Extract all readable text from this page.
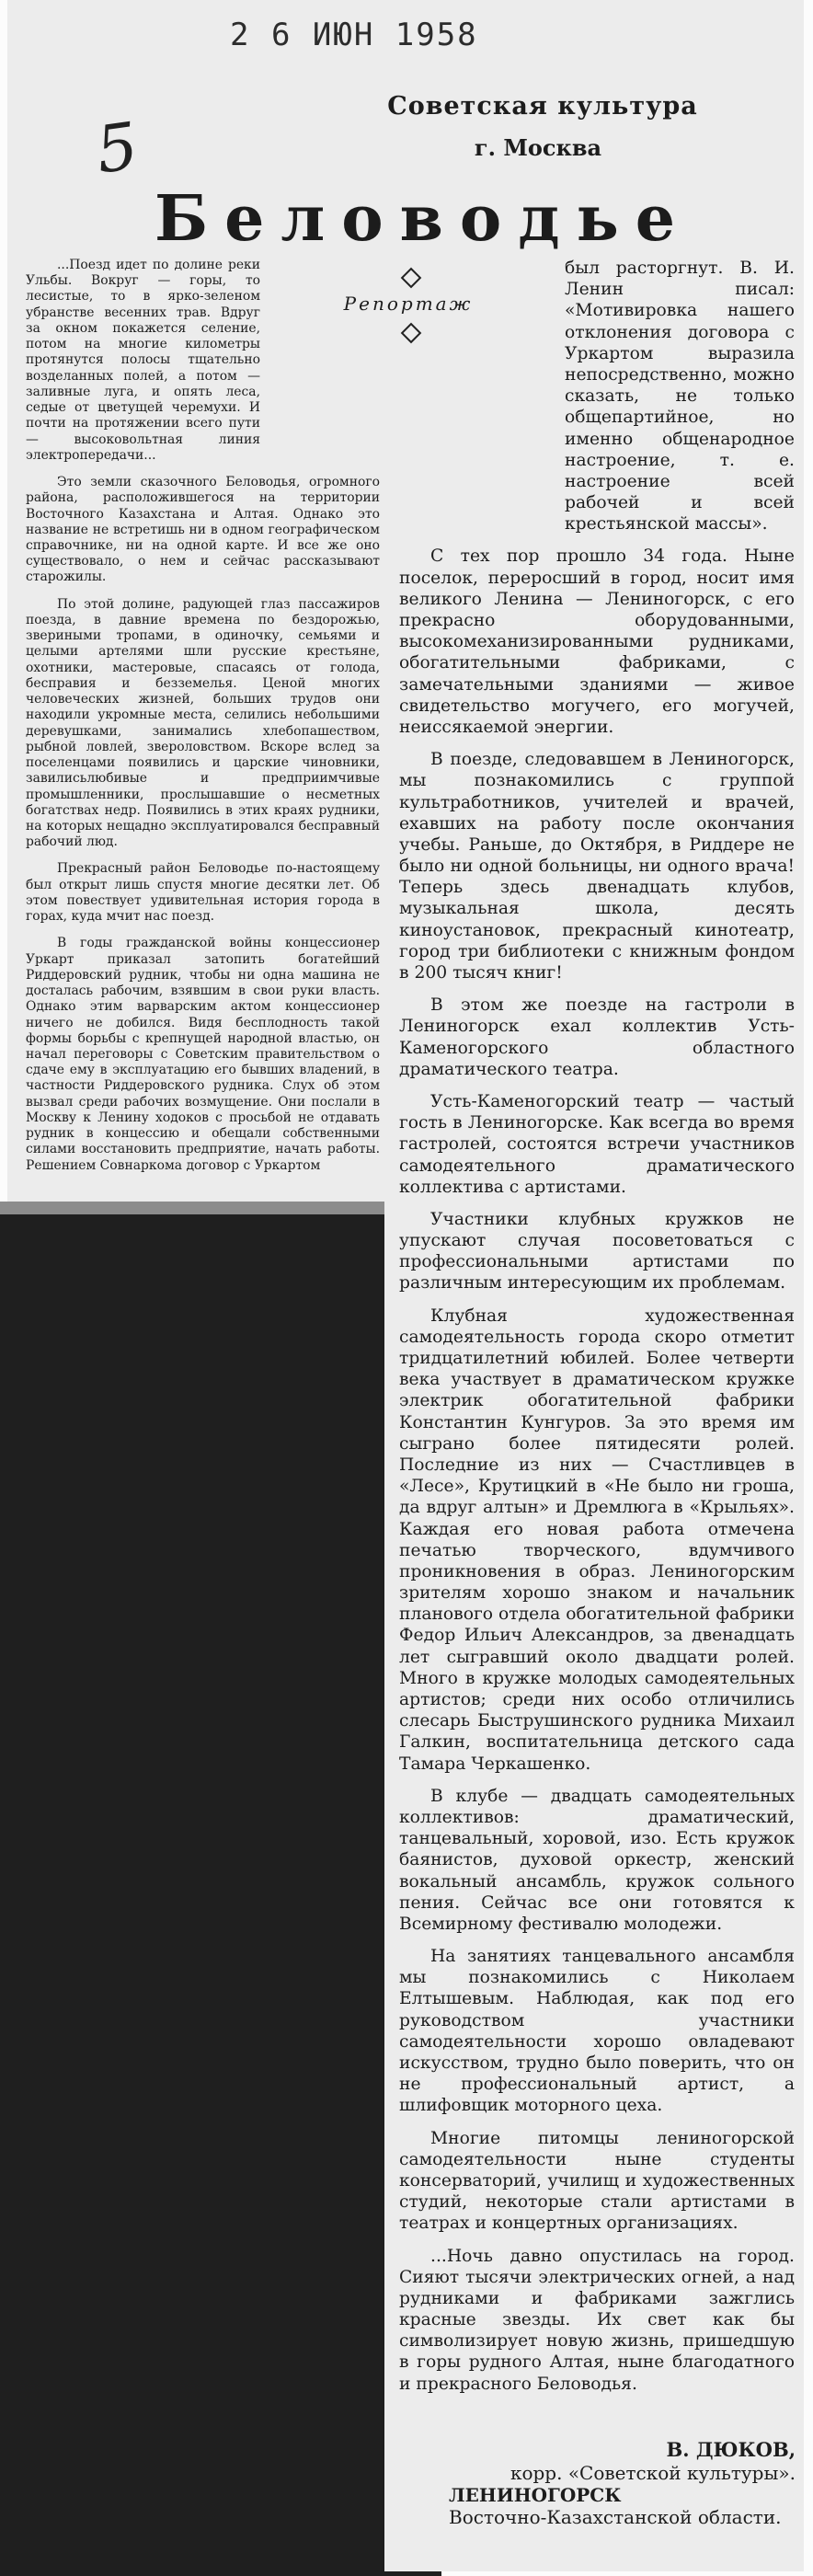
2 6 ИЮН 1958
5
Советская культура
г. Москва
Беловодье
Репортаж

...Поезд идет по долине реки Ульбы. Вокруг — горы, то лесистые, то в ярко-зеленом убранстве весенних трав. Вдруг за окном покажется селение, потом на многие километры протянутся полосы тщательно возделанных полей, а потом — заливные луга, и опять леса, седые от цветущей черемухи. И почти на протяжении всего пути — высоковольтная линия электропередачи...

Это земли сказочного Беловодья, огромного района, расположившегося на территории Восточного Казахстана и Алтая. Однако это название не встретишь ни в одном географическом справочнике, ни на одной карте. И все же оно существовало, о нем и сейчас рассказывают старожилы.

По этой долине, радующей глаз пассажиров поезда, в давние времена по бездорожью, звериными тропами, в одиночку, семьями и целыми артелями шли русские крестьяне, охотники, мастеровые, спасаясь от голода, бесправия и безземелья. Ценой многих человеческих жизней, больших трудов они находили укромные места, селились небольшими деревушками, занимались хлебопашеством, рыбной ловлей, звероловством. Вскоре вслед за поселенцами появились и царские чиновники, завилисьлюбивые и предприимчивые промышленники, прослышавшие о несметных богатствах недр. Появились в этих краях рудники, на которых нещадно эксплуатировался бесправный рабочий люд.

Прекрасный район Беловодье по-настоящему был открыт лишь спустя многие десятки лет. Об этом повествует удивительная история города в горах, куда мчит нас поезд.

В годы гражданской войны концессионер Уркарт приказал затопить богатейший Риддеровский рудник, чтобы ни одна машина не досталась рабочим, взявшим в свои руки власть. Однако этим варварским актом концессионер ничего не добился. Видя бесплодность такой формы борьбы с крепнущей народной властью, он начал переговоры с Советским правительством о сдаче ему в эксплуатацию его бывших владений, в частности Риддеровского рудника. Слух об этом вызвал среди рабочих возмущение. Они послали в Москву к Ленину ходоков с просьбой не отдавать рудник в концессию и обещали собственными силами восстановить предприятие, начать работы. Решением Совнаркома договор с Уркартом

был расторгнут. В. И. Ленин писал: «Мотивировка нашего отклонения договора с Уркартом выразила непосредственно, можно сказать, не только общепартийное, но именно общенародное настроение, т. е. настроение всей рабочей и всей крестьянской массы».

С тех пор прошло 34 года. Ныне поселок, переросший в город, носит имя великого Ленина — Лениногорск, с его прекрасно оборудованными, высокомеханизированными рудниками, обогатительными фабриками, с замечательными зданиями — живое свидетельство могучего, его могучей, неиссякаемой энергии.

В поезде, следовавшем в Лениногорск, мы познакомились с группой культработников, учителей и врачей, ехавших на работу после окончания учебы. Раньше, до Октября, в Риддере не было ни одной больницы, ни одного врача! Теперь здесь двенадцать клубов, музыкальная школа, десять киноустановок, прекрасный кинотеатр, город три библиотеки с книжным фондом в 200 тысяч книг!

В этом же поезде на гастроли в Лениногорск ехал коллектив Усть-Каменогорского областного драматического театра.

Усть-Каменогорский театр — частый гость в Лениногорске. Как всегда во время гастролей, состоятся встречи участников самодеятельного драматического коллектива с артистами.

Участники клубных кружков не упускают случая посоветоваться с профессиональными артистами по различным интересующим их проблемам.

Клубная художественная самодеятельность города скоро отметит тридцатилетний юбилей. Более четверти века участвует в драматическом кружке электрик обогатительной фабрики Константин Кунгуров. За это время им сыграно более пятидесяти ролей. Последние из них — Счастливцев в «Лесе», Крутицкий в «Не было ни гроша, да вдруг алтын» и Дремлюга в «Крыльях». Каждая его новая работа отмечена печатью творческого, вдумчивого проникновения в образ. Лениногорским зрителям хорошо знаком и начальник планового отдела обогатительной фабрики Федор Ильич Александров, за двенадцать лет сыгравший около двадцати ролей. Много в кружке молодых самодеятельных артистов; среди них особо отличились слесарь Быструшинского рудника Михаил Галкин, воспитательница детского сада Тамара Черкашенко.

В клубе — двадцать самодеятельных коллективов: драматический, танцевальный, хоровой, изо. Есть кружок баянистов, духовой оркестр, женский вокальный ансамбль, кружок сольного пения. Сейчас все они готовятся к Всемирному фестивалю молодежи.

На занятиях танцевального ансамбля мы познакомились с Николаем Елтышевым. Наблюдая, как под его руководством участники самодеятельности хорошо овладевают искусством, трудно было поверить, что он не профессиональный артист, а шлифовщик моторного цеха.

Многие питомцы лениногорской самодеятельности ныне студенты консерваторий, училищ и художественных студий, некоторые стали артистами в театрах и концертных организациях.

...Ночь давно опустилась на город. Сияют тысячи электрических огней, а над рудниками и фабриками зажглись красные звезды. Их свет как бы символизирует новую жизнь, пришедшую в горы рудного Алтая, ныне благодатного и прекрасного Беловодья.

В. ДЮКОВ,
корр. «Советской культуры».
ЛЕНИНОГОРСК
Восточно-Казахстанской области.
